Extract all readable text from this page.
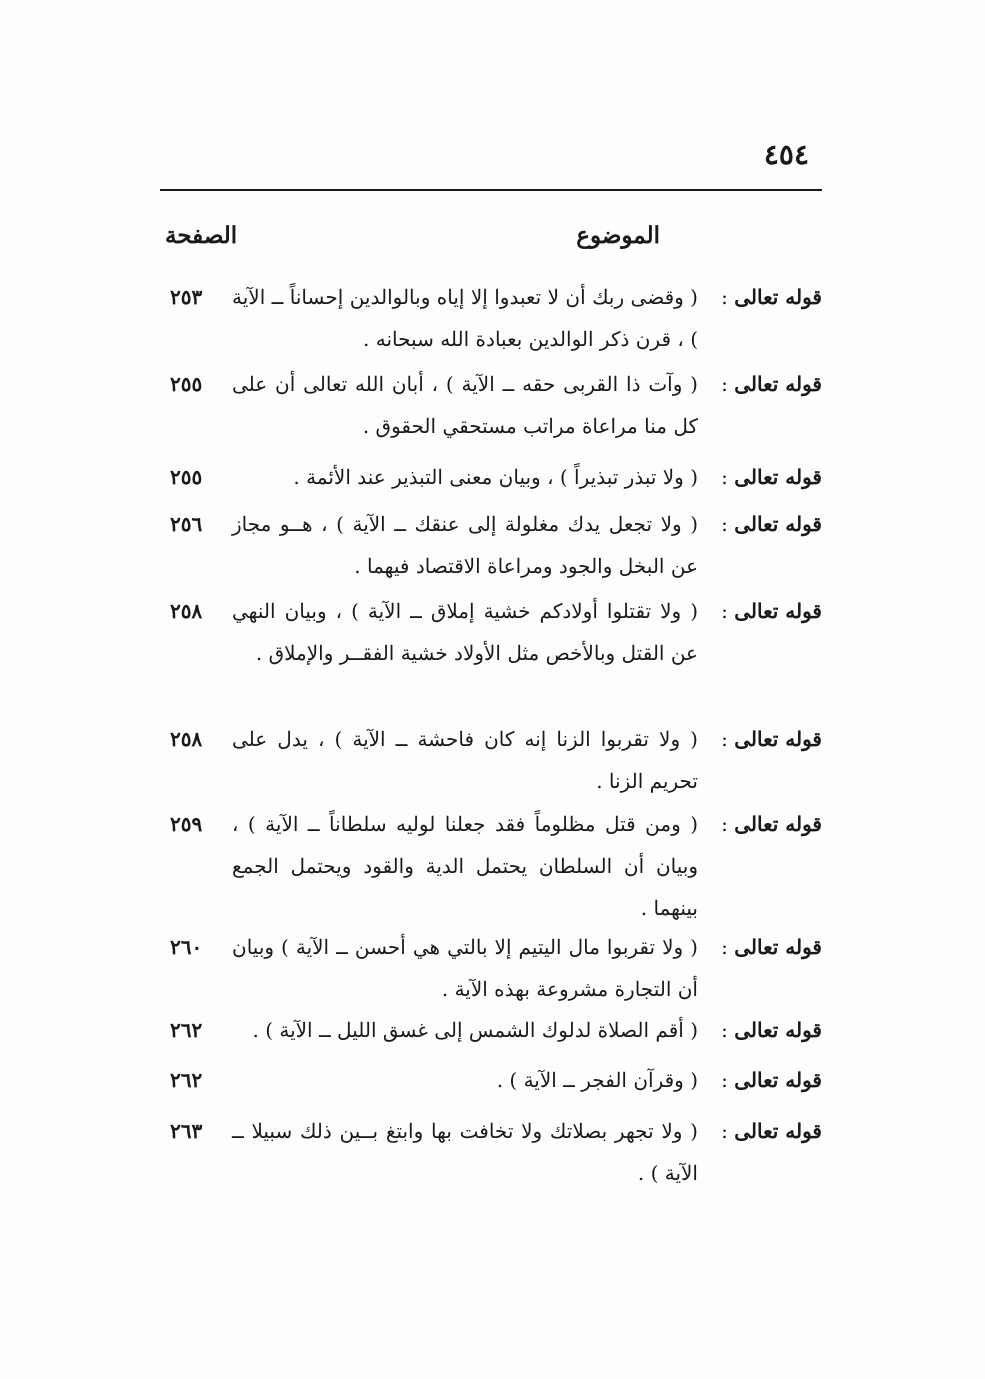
٤٥٤
الموضوع
الصفحة
قوله تعالى :
( وقضى ربك أن لا تعبدوا إلا إياه وبالوالدين إحساناً ــ الآية ) ، قرن ذكر الوالدين بعبادة الله سبحانه .
٢٥٣
قوله تعالى :
( وآت ذا القربى حقه ــ الآية ) ، أبان الله تعالى أن على كل منا مراعاة مراتب مستحقي الحقوق .
٢٥٥
قوله تعالى :
( ولا تبذر تبذيراً ) ، وبيان معنى التبذير عند الأئمة .
٢٥٥
قوله تعالى :
( ولا تجعل يدك مغلولة إلى عنقك ــ الآية ) ، هــو مجاز عن البخل والجود ومراعاة الاقتصاد فيهما .
٢٥٦
قوله تعالى :
( ولا تقتلوا أولادكم خشية إملاق ــ الآية ) ، وبيان النهي عن القتل وبالأخص مثل الأولاد خشية الفقــر والإملاق .
٢٥٨
قوله تعالى :
( ولا تقربوا الزنا إنه كان فاحشة ــ الآية ) ، يدل على تحريم الزنا .
٢٥٨
قوله تعالى :
( ومن قتل مظلوماً فقد جعلنا لوليه سلطاناً ــ الآية ) ، وبيان أن السلطان يحتمل الدية والقود ويحتمل الجمع بينهما .
٢٥٩
قوله تعالى :
( ولا تقربوا مال اليتيم إلا بالتي هي أحسن ــ الآية ) وبيان أن التجارة مشروعة بهذه الآية .
٢٦٠
قوله تعالى :
( أقم الصلاة لدلوك الشمس إلى غسق الليل ــ الآية ) .
٢٦٢
قوله تعالى :
( وقرآن الفجر ــ الآية ) .
٢٦٢
قوله تعالى :
( ولا تجهر بصلاتك ولا تخافت بها وابتغ بــين ذلك سبيلا ــ الآية ) .
٢٦٣
